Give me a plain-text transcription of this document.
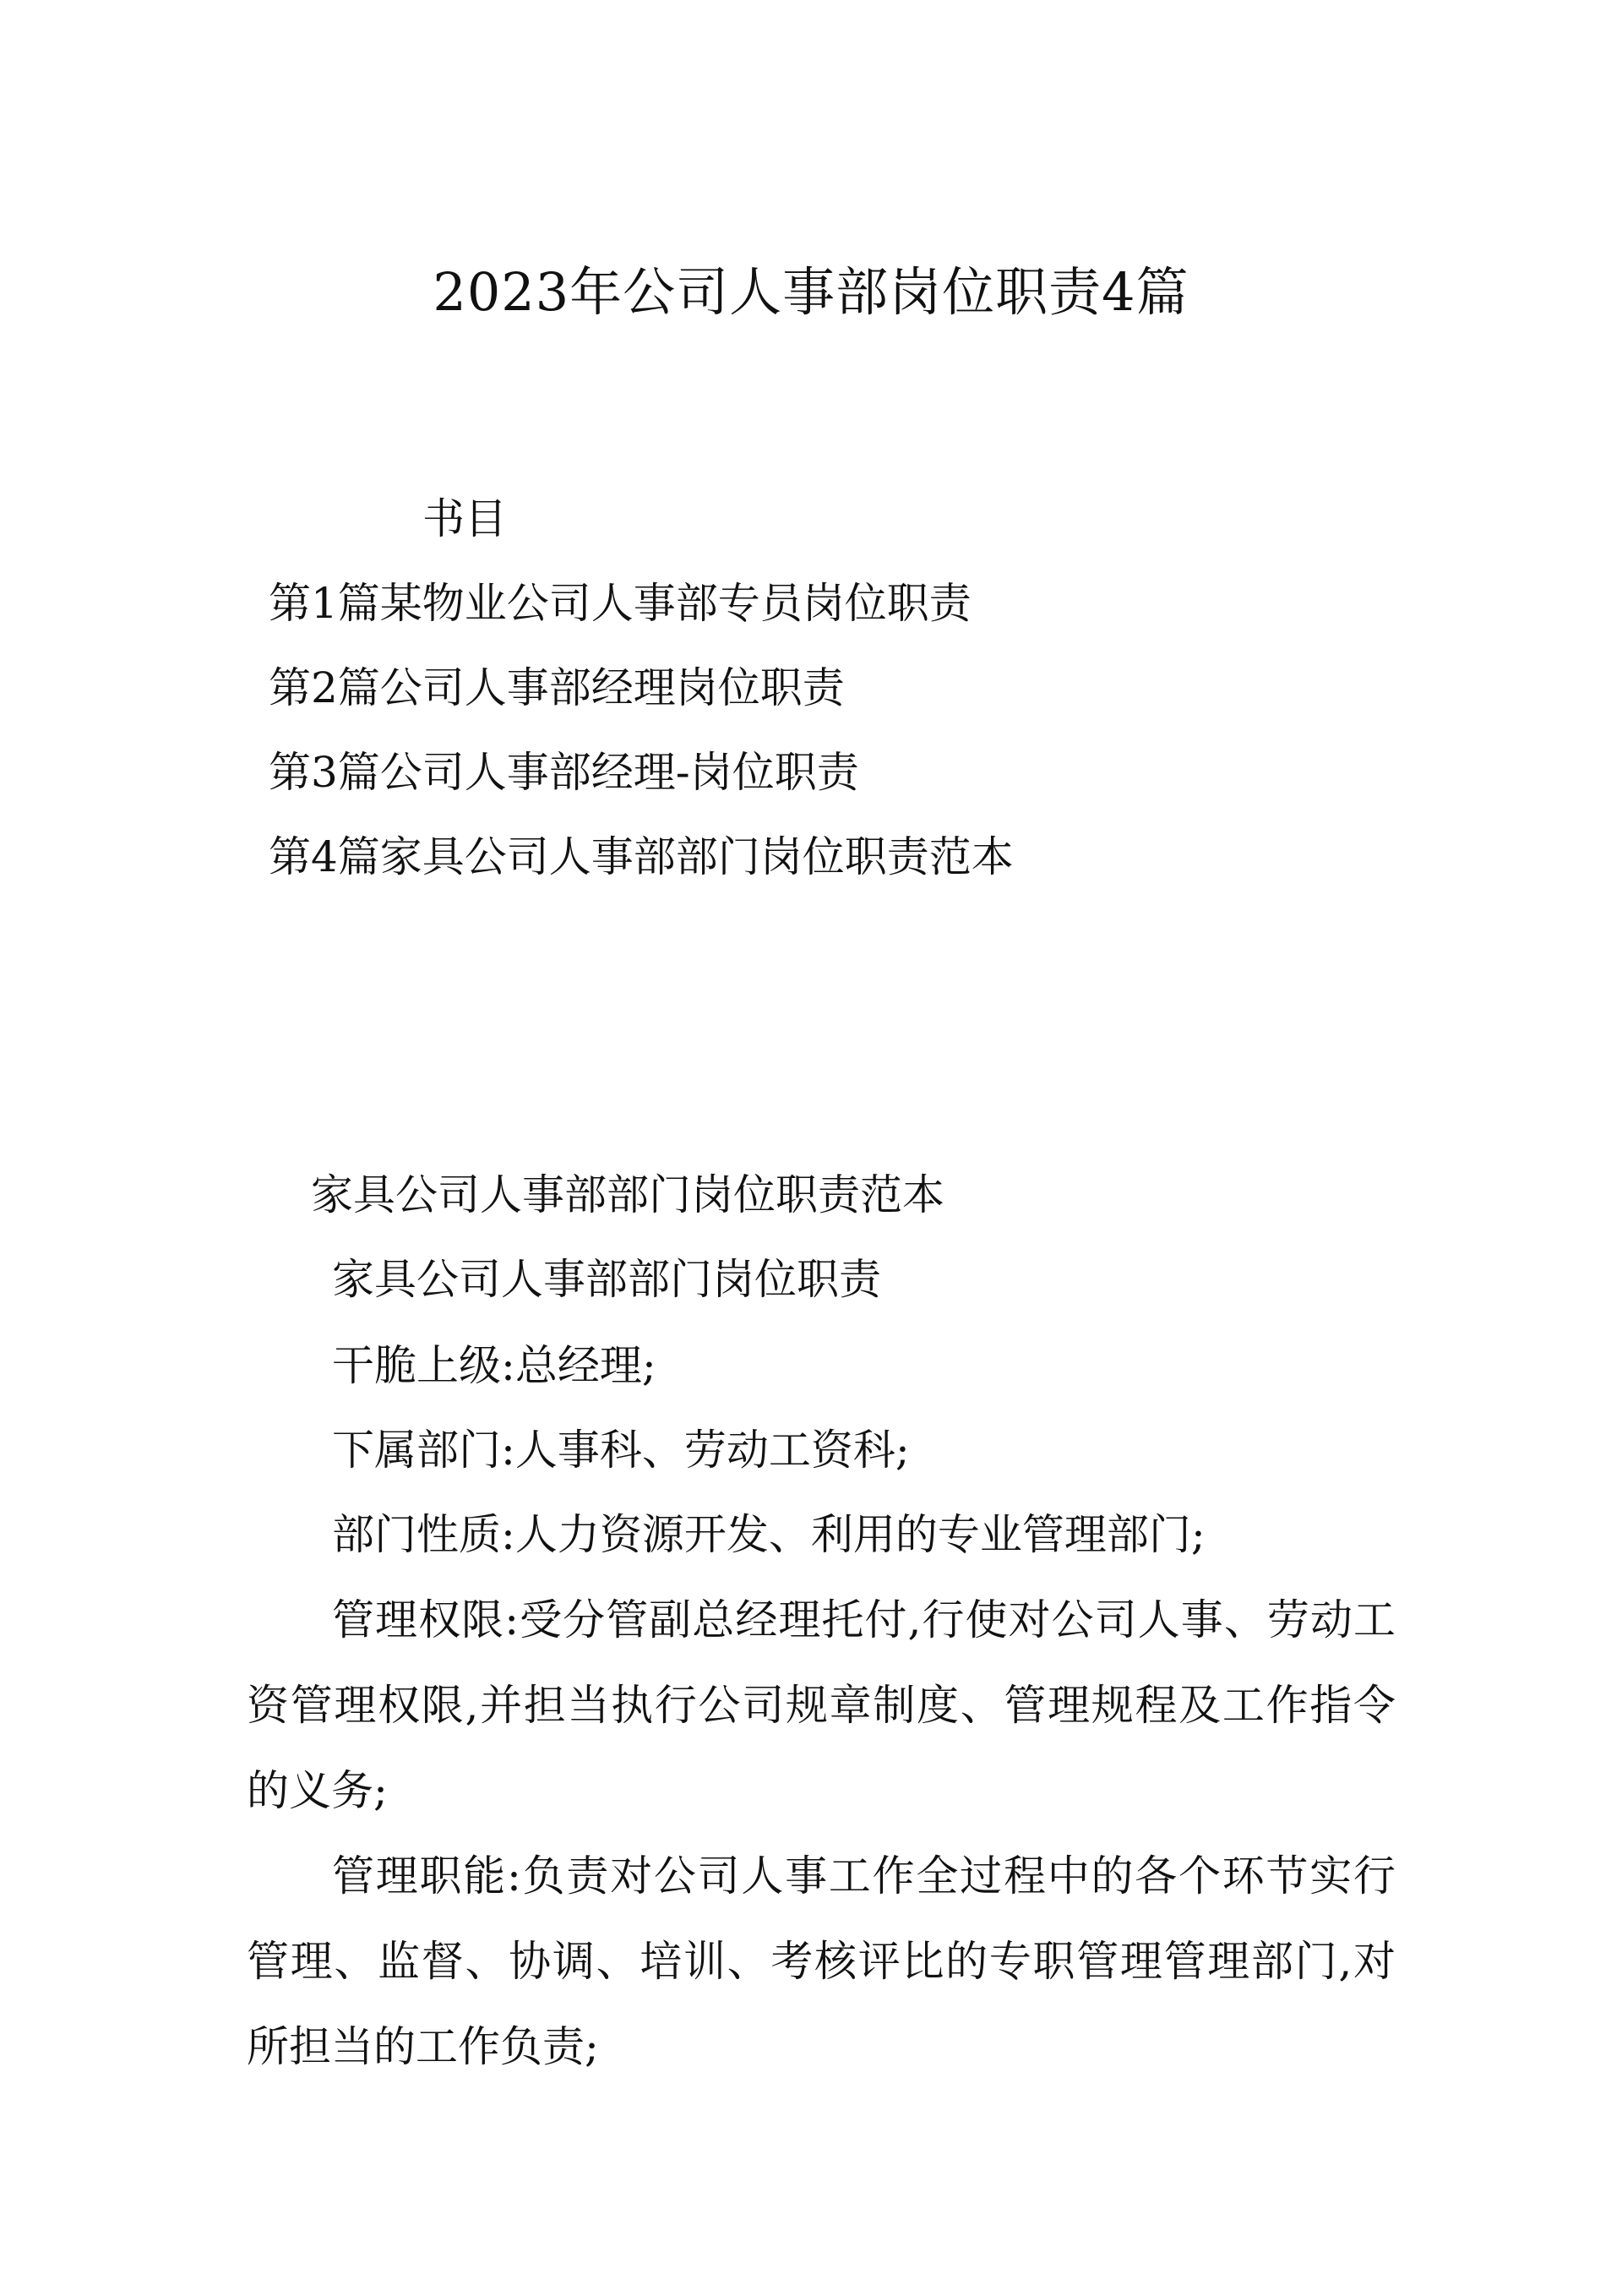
2023年公司人事部岗位职责4篇

书目

第1篇某物业公司人事部专员岗位职责

第2篇公司人事部经理岗位职责

第3篇公司人事部经理-岗位职责

第4篇家具公司人事部部门岗位职责范本

家具公司人事部部门岗位职责范本

家具公司人事部部门岗位职责

干脆上级:总经理;

下属部门:人事科、劳动工资科;

部门性质:人力资源开发、利用的专业管理部门;

管理权限:受分管副总经理托付,行使对公司人事、劳动工资管理权限,并担当执行公司规章制度、管理规程及工作指令的义务;

管理职能:负责对公司人事工作全过程中的各个环节实行管理、监督、协调、培训、考核评比的专职管理管理部门,对所担当的工作负责;
